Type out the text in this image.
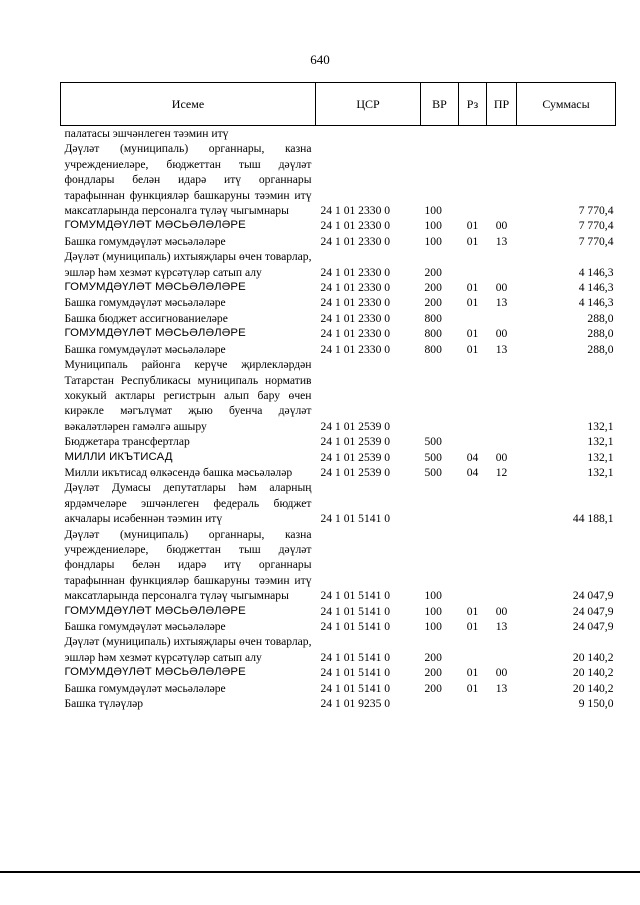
640
Исеме	ЦСР	ВР	Рз	ПР	Суммасы
палатасы эшчәнлеген тәэмин итү					
Дәүләт (муниципаль) органнары, казна учреждениеләре, бюджеттан тыш дәүләт фондлары белән идарә итү органнары тарафыннан функцияләр башкаруны тәэмин итү максатларында персоналга түләү чыгымнары	24 1 01 2330 0	100			7 770,4
ГОМУМДӘҮЛӘТ МӘСЬӘЛӘЛӘРЕ	24 1 01 2330 0	100	01	00	7 770,4
Башка гомумдәүләт мәсьәләләре	24 1 01 2330 0	100	01	13	7 770,4
Дәүләт (муниципаль) ихтыяҗлары өчен товарлар, эшләр һәм хезмәт күрсәтүләр сатып алу	24 1 01 2330 0	200			4 146,3
ГОМУМДӘҮЛӘТ МӘСЬӘЛӘЛӘРЕ	24 1 01 2330 0	200	01	00	4 146,3
Башка гомумдәүләт мәсьәләләре	24 1 01 2330 0	200	01	13	4 146,3
Башка бюджет ассигнованиеләре	24 1 01 2330 0	800			288,0
ГОМУМДӘҮЛӘТ МӘСЬӘЛӘЛӘРЕ	24 1 01 2330 0	800	01	00	288,0
Башка гомумдәүләт мәсьәләләре	24 1 01 2330 0	800	01	13	288,0
Муниципаль районга керүче җирлекләрдән Татарстан Республикасы муниципаль норматив хокукый актлары регистрын алып бару өчен кирәкле мәгълүмат җыю буенча дәүләт вәкаләтләрен гамәлгә ашыру	24 1 01 2539 0				132,1
Бюджетара трансфертлар	24 1 01 2539 0	500			132,1
МИЛЛИ ИКЪТИСАД	24 1 01 2539 0	500	04	00	132,1
Милли икътисад өлкәсендә башка мәсьәләләр	24 1 01 2539 0	500	04	12	132,1
Дәүләт Думасы депутатлары һәм аларның ярдәмчеләре эшчәнлеген федераль бюджет акчалары исәбеннән тәэмин итү	24 1 01 5141 0				44 188,1
Дәүләт (муниципаль) органнары, казна учреждениеләре, бюджеттан тыш дәүләт фондлары белән идарә итү органнары тарафыннан функцияләр башкаруны тәэмин итү максатларында персоналга түләү чыгымнары	24 1 01 5141 0	100			24 047,9
ГОМУМДӘҮЛӘТ МӘСЬӘЛӘЛӘРЕ	24 1 01 5141 0	100	01	00	24 047,9
Башка гомумдәүләт мәсьәләләре	24 1 01 5141 0	100	01	13	24 047,9
Дәүләт (муниципаль) ихтыяҗлары өчен товарлар, эшләр һәм хезмәт күрсәтүләр сатып алу	24 1 01 5141 0	200			20 140,2
ГОМУМДӘҮЛӘТ МӘСЬӘЛӘЛӘРЕ	24 1 01 5141 0	200	01	00	20 140,2
Башка гомумдәүләт мәсьәләләре	24 1 01 5141 0	200	01	13	20 140,2
Башка түләүләр	24 1 01 9235 0				9 150,0
